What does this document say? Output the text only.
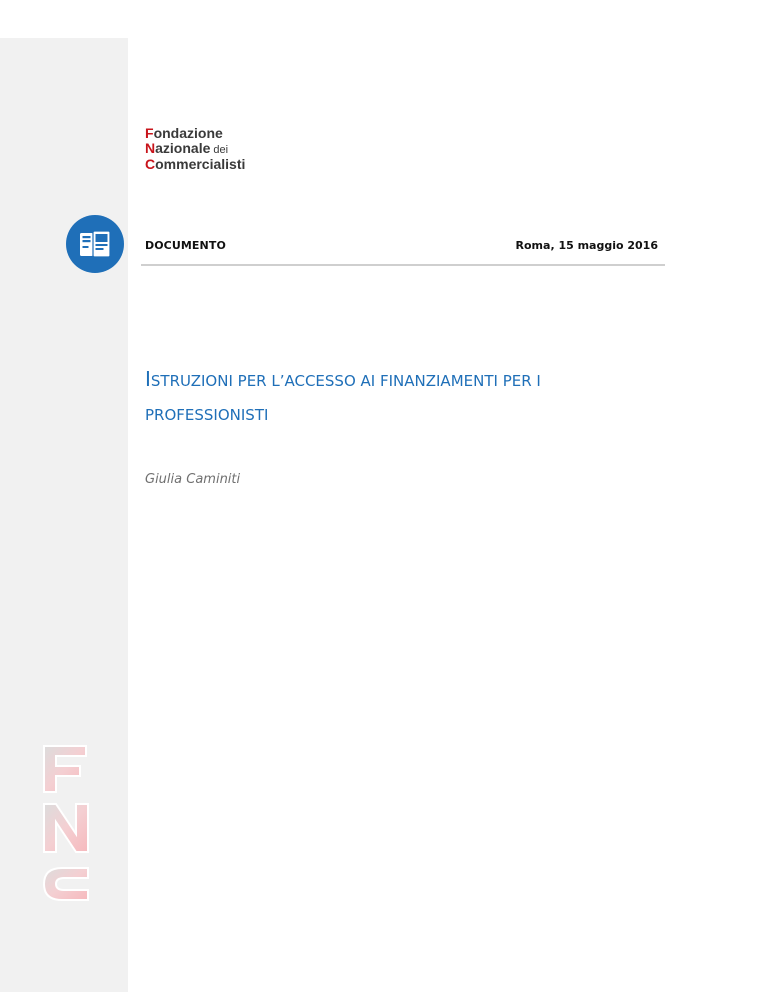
Fondazione
Nazionale dei
Commercialisti
DOCUMENTO	Roma, 15 maggio 2016
ISTRUZIONI PER L’ACCESSO AI FINANZIAMENTI PER I
PROFESSIONISTI
Giulia Caminiti
